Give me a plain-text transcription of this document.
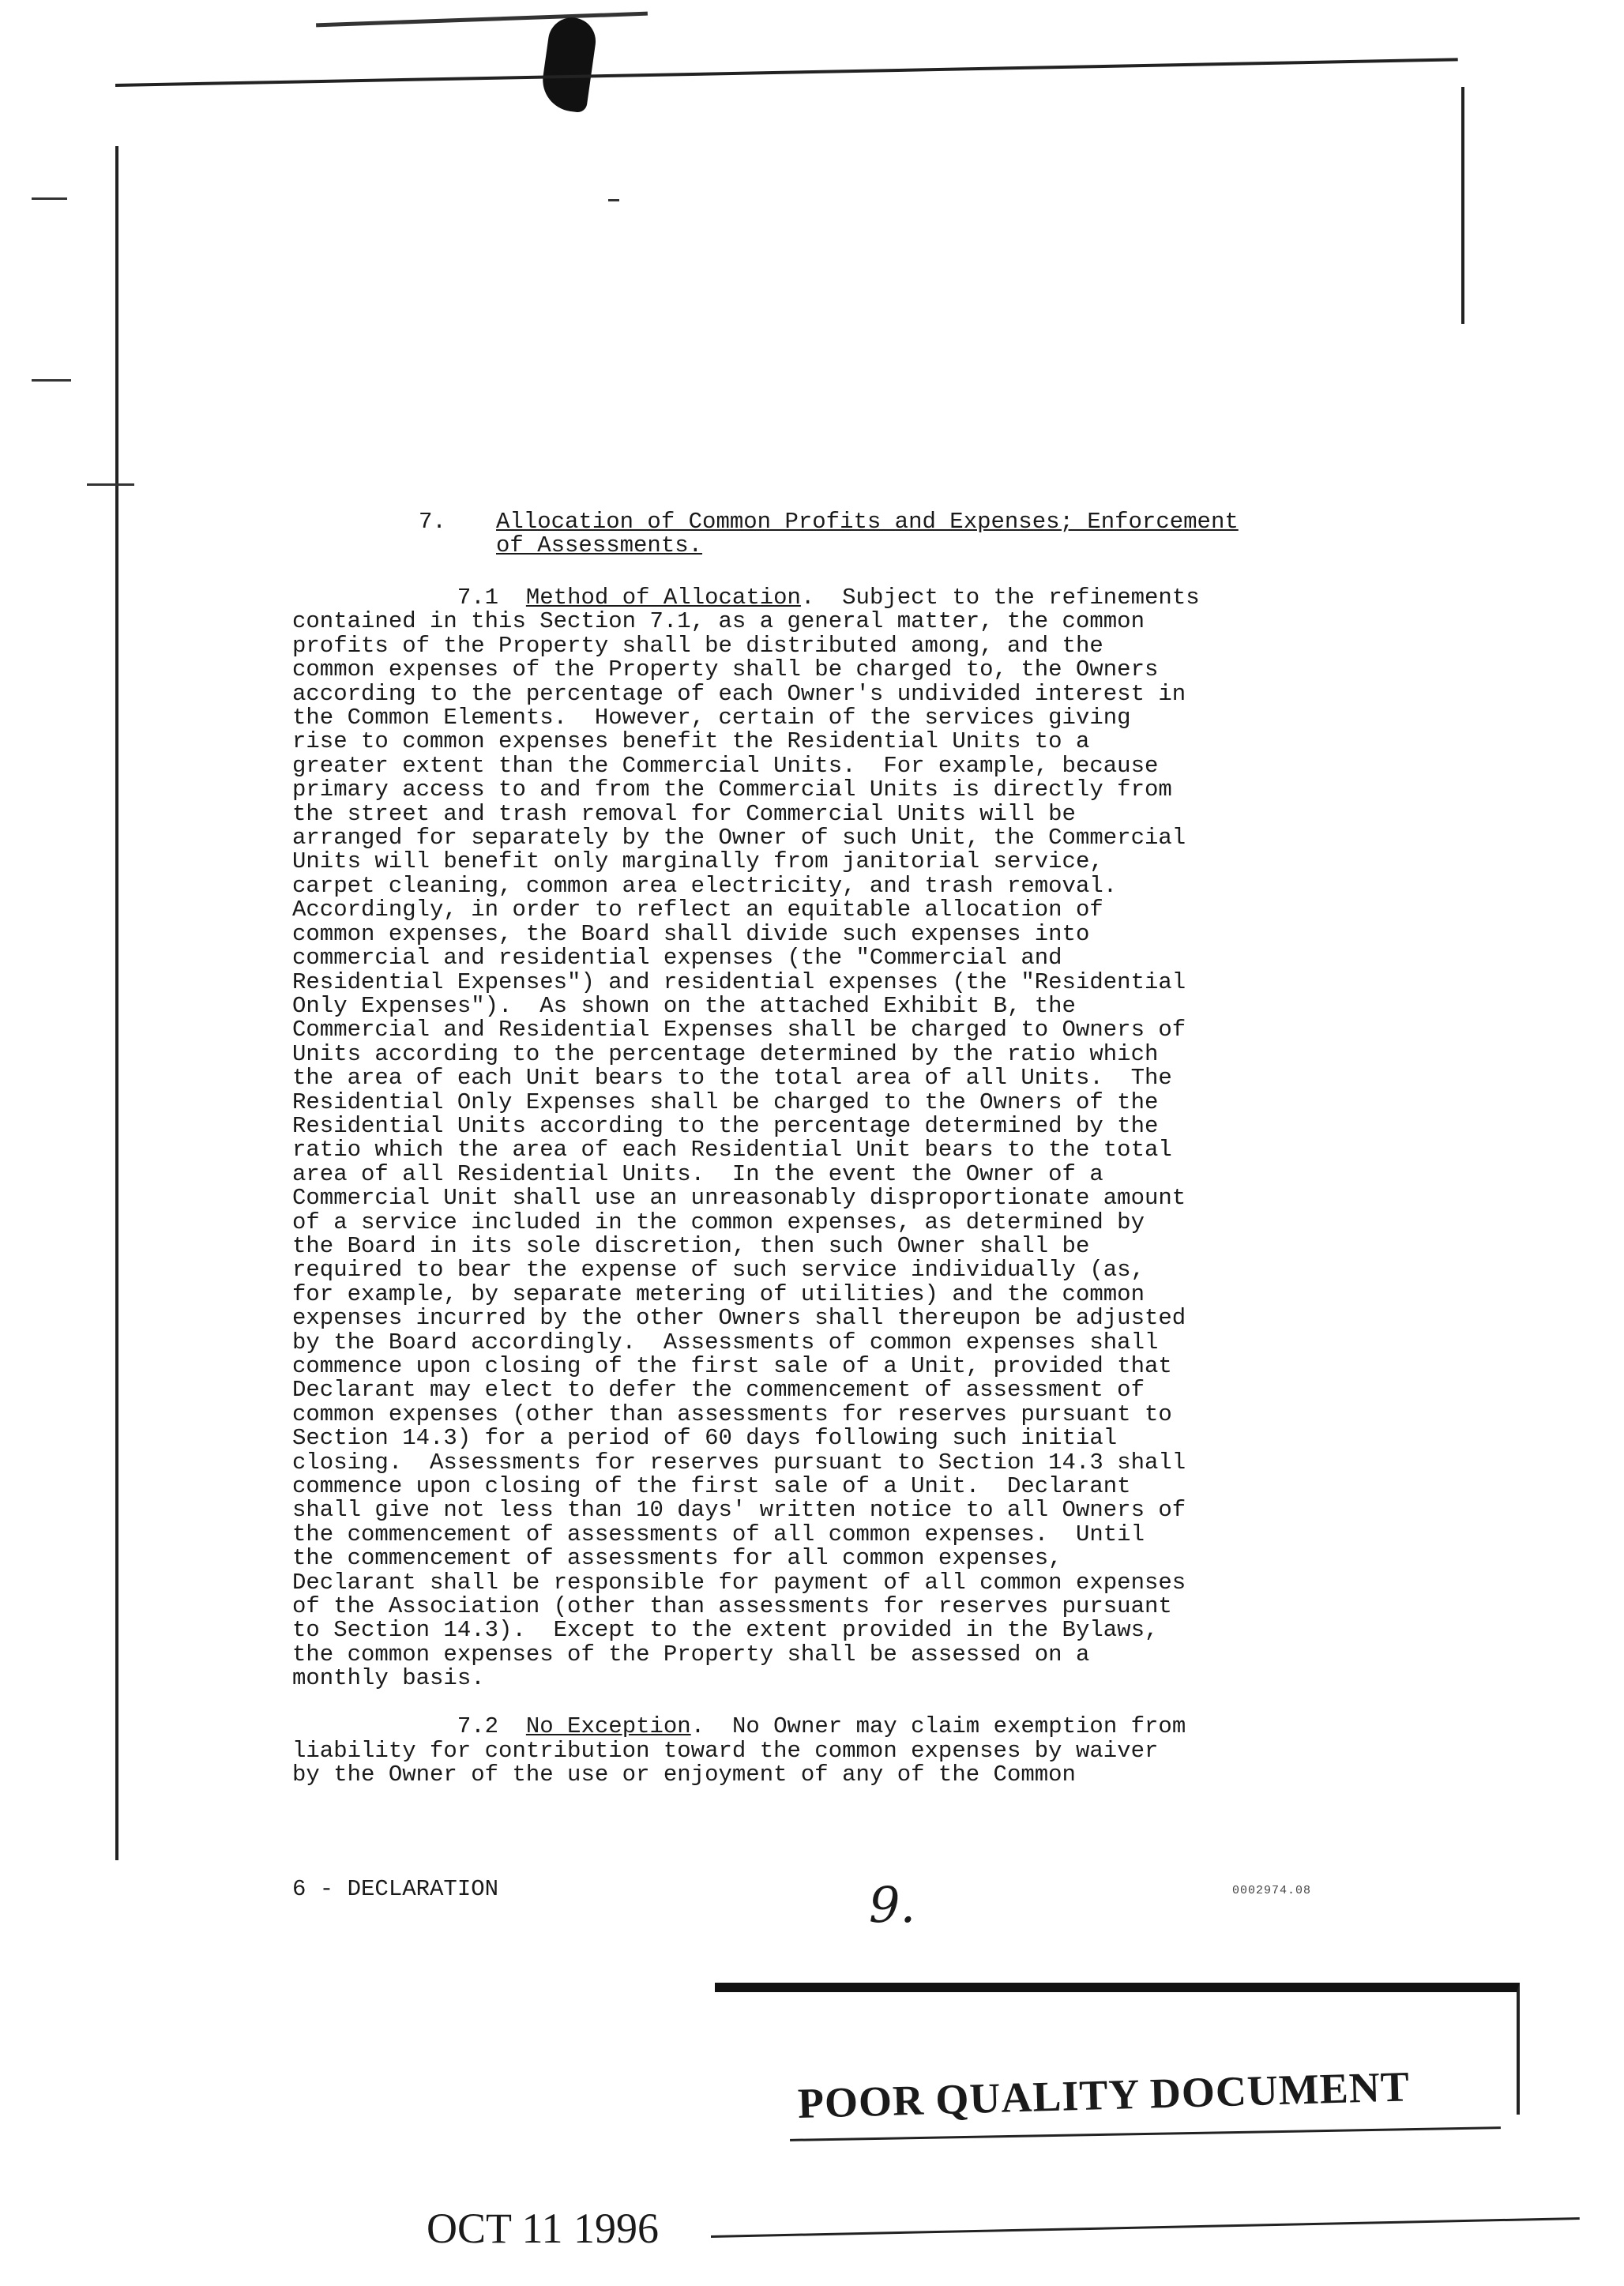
7.

Allocation of Common Profits and Expenses; Enforcement
of Assessments.

7.1 Method of Allocation.  Subject to the refinements
contained in this Section 7.1, as a general matter, the common
profits of the Property shall be distributed among, and the
common expenses of the Property shall be charged to, the Owners
according to the percentage of each Owner's undivided interest in
the Common Elements.  However, certain of the services giving
rise to common expenses benefit the Residential Units to a
greater extent than the Commercial Units.  For example, because
primary access to and from the Commercial Units is directly from
the street and trash removal for Commercial Units will be
arranged for separately by the Owner of such Unit, the Commercial
Units will benefit only marginally from janitorial service,
carpet cleaning, common area electricity, and trash removal.
Accordingly, in order to reflect an equitable allocation of
common expenses, the Board shall divide such expenses into
commercial and residential expenses (the "Commercial and
Residential Expenses") and residential expenses (the "Residential
Only Expenses").  As shown on the attached Exhibit B, the
Commercial and Residential Expenses shall be charged to Owners of
Units according to the percentage determined by the ratio which
the area of each Unit bears to the total area of all Units.  The
Residential Only Expenses shall be charged to the Owners of the
Residential Units according to the percentage determined by the
ratio which the area of each Residential Unit bears to the total
area of all Residential Units.  In the event the Owner of a
Commercial Unit shall use an unreasonably disproportionate amount
of a service included in the common expenses, as determined by
the Board in its sole discretion, then such Owner shall be
required to bear the expense of such service individually (as,
for example, by separate metering of utilities) and the common
expenses incurred by the other Owners shall thereupon be adjusted
by the Board accordingly.  Assessments of common expenses shall
commence upon closing of the first sale of a Unit, provided that
Declarant may elect to defer the commencement of assessment of
common expenses (other than assessments for reserves pursuant to
Section 14.3) for a period of 60 days following such initial
closing.  Assessments for reserves pursuant to Section 14.3 shall
commence upon closing of the first sale of a Unit.  Declarant
shall give not less than 10 days' written notice to all Owners of
the commencement of assessments of all common expenses.  Until
the commencement of assessments for all common expenses,
Declarant shall be responsible for payment of all common expenses
of the Association (other than assessments for reserves pursuant
to Section 14.3).  Except to the extent provided in the Bylaws,
the common expenses of the Property shall be assessed on a
monthly basis.

7.2 No Exception.  No Owner may claim exemption from
liability for contribution toward the common expenses by waiver
by the Owner of the use or enjoyment of any of the Common
6 - DECLARATION	9.	0002974.08
POOR QUALITY DOCUMENT
OCT 11 1996
